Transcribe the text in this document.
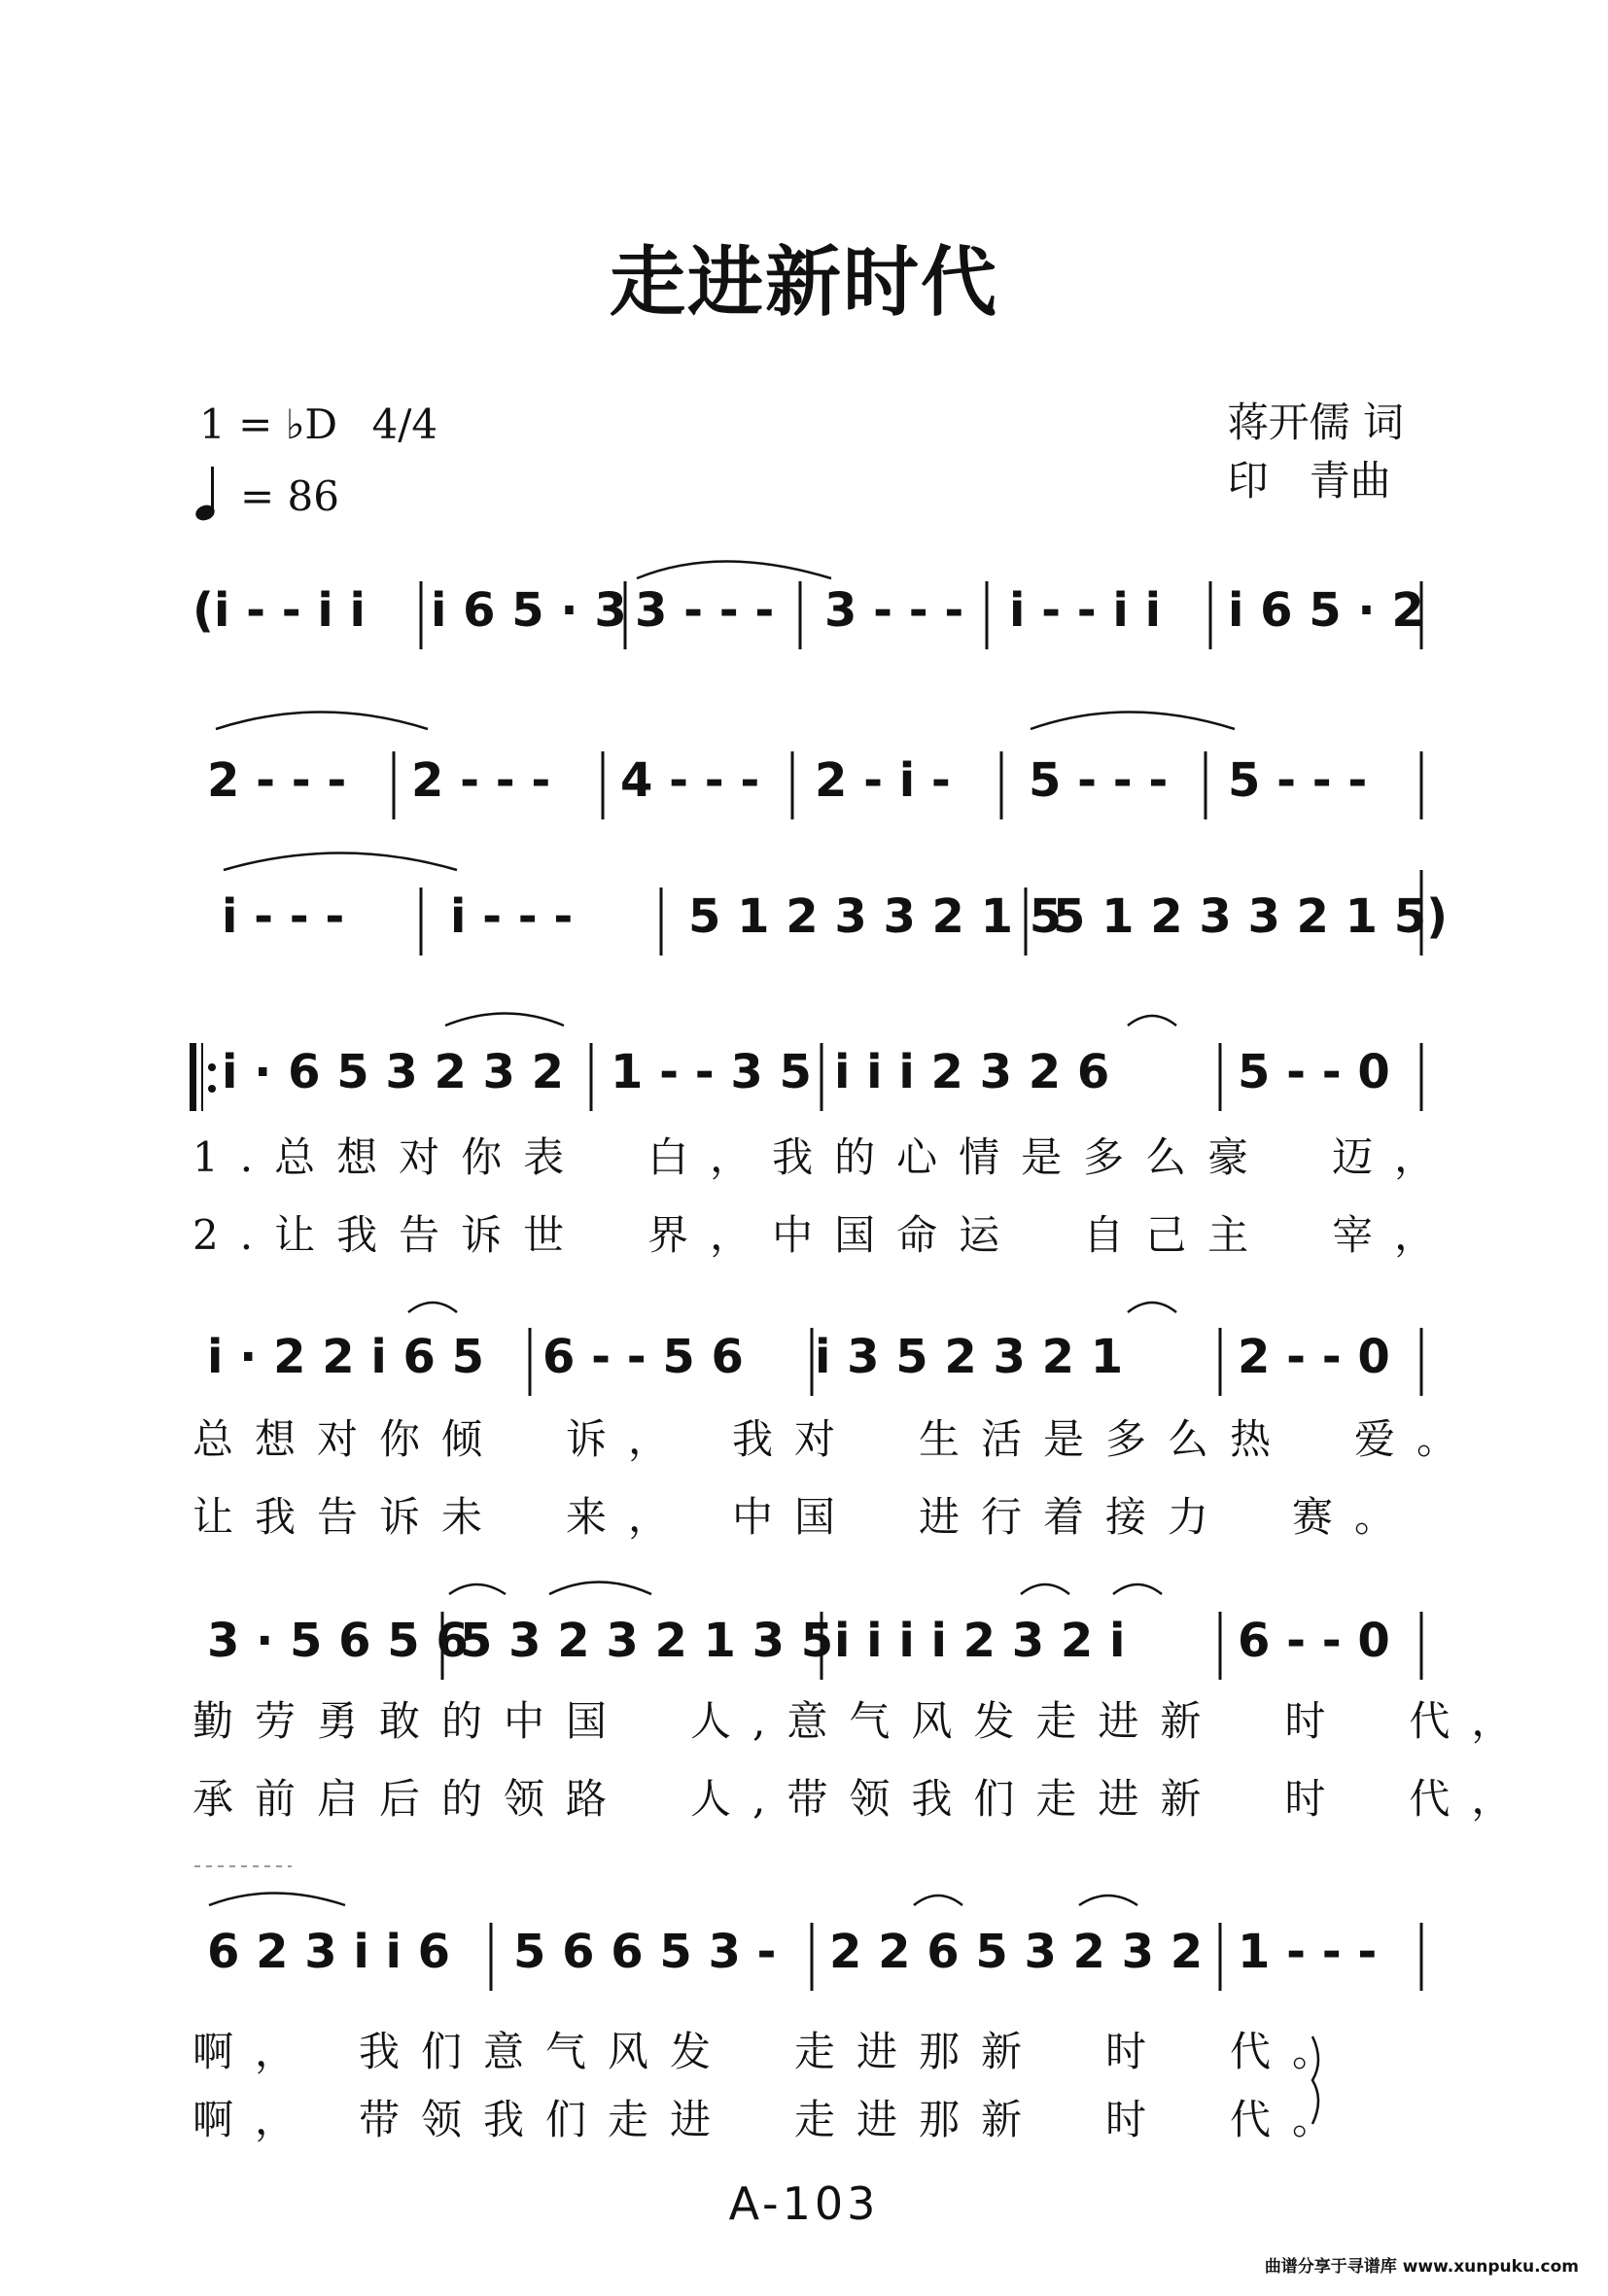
走进新时代
1 = ♭D 4/4
= 86
蒋开儒 词
印　青曲
(i - - i i i 6 5 · 3 3 - - - 3 - - - i - - i i i 6 5 · 2
2 - - - 2 - - - 4 - - - 2 - i - 5 - - - 5 - - -
i - - - i - - - 5 1 2 3 3 2 1 5
5 1 2 3 3 2 1 5)
i · 6 5 3 2 3 2 1 - - 3 5 i i i 2 3 2 6	5 - - 0
1.总想对你表　白，我的心情是多么豪　迈，
2.让我告诉世　界，中国命运　自己主　宰，
i · 2 2 i 6 5 6 - - 5 6 i 3 5 2 3 2 1 2 - - 0
总想对你倾　诉，　我对　生活是多么热　爱。
让我告诉未　来，　中国　进行着接力　赛。
3 · 5 6 5 6
5 3 2 3 2 1 3 5 i i i i 2 3 2 i 6 - - 0
勤劳勇敢的中国　人,意气风发走进新　时　代，
承前启后的领路　人,带领我们走进新　时　代，
6 2 3 i i 6 5 6 6 5 3 - 2 2 6 5 3 2 3 2 1 - - -
啊，　我们意气风发　走进那新　时　代。
啊，　带领我们走进　走进那新　时　代。
A-103
曲谱分享于寻谱库 www.xunpuku.com
